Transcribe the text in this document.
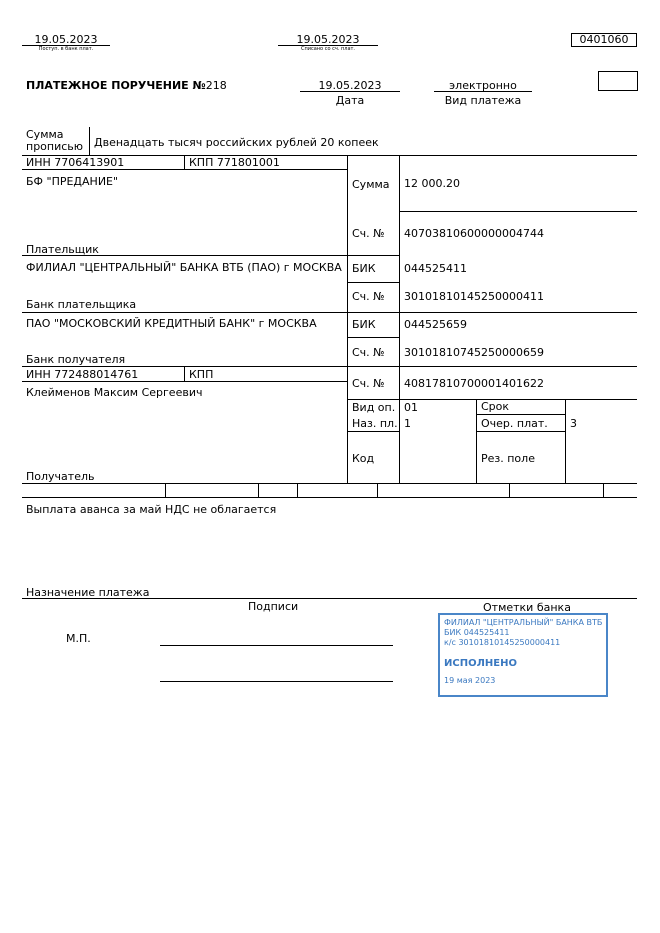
19.05.2023
Поступ. в банк плат.
19.05.2023
Списано со сч. плат.
0401060
ПЛАТЕЖНОЕ ПОРУЧЕНИЕ №218	19.05.2023
Дата
электронно
Вид платежа
Сумма
прописью Двенадцать тысяч российских рублей 20 копеек
ИНН 7706413901	КПП 771801001
БФ "ПРЕДАНИЕ"
Плательщик
Сумма 12 000.20
Сч. № 40703810600000004744
ФИЛИАЛ "ЦЕНТРАЛЬНЫЙ" БАНКА ВТБ (ПАО) г МОСКВА
Банк плательщика
БИК	044525411
Сч. № 30101810145250000411
ПАО "МОСКОВСКИЙ КРЕДИТНЫЙ БАНК" г МОСКВА
Банк получателя
БИК	044525659
Сч. № 30101810745250000659
ИНН 772488014761	КПП
Клейменов Максим Сергеевич
Получатель
Сч. № 40817810700001401622
Вид оп. 01	Срок
Наз. пл. 1	Очер. плат. 3
Код	Рез. поле
Выплата аванса за май НДС не облагается
Назначение платежа
Подписи	Отметки банка
М.П.
ФИЛИАЛ "ЦЕНТРАЛЬНЫЙ" БАНКА ВТБ
БИК 044525411
к/с 30101810145250000411
ИСПОЛНЕНО
19 мая 2023
